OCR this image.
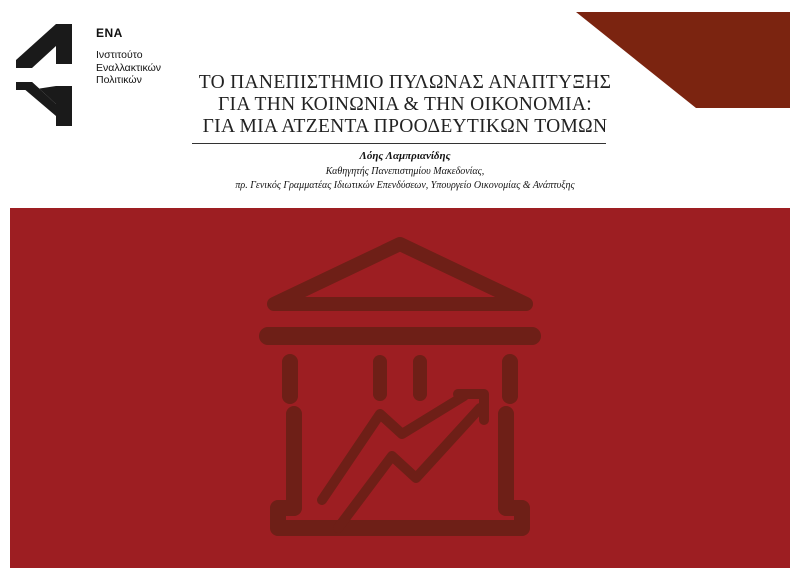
ΕΝΑ

Ινστιτούτο

Εναλλακτικών

Πολιτικών	ΤΟ ΠΑΝΕΠΙΣΤΗΜΙΟ ΠΥΛΩΝΑΣ ΑΝΑΠΤΥΞΗΣ

ΓΙΑ ΤΗΝ ΚΟΙΝΩΝΙΑ & ΤΗΝ ΟΙΚΟΝΟΜΙΑ:

ΓΙΑ ΜΙΑ ΑΤΖΕΝΤΑ ΠΡΟΟΔΕΥΤΙΚΩΝ ΤΟΜΩΝ

Λόης Λαμπριανίδης

Καθηγητής Πανεπιστημίου Μακεδονίας,

πρ. Γενικός Γραμματέας Ιδιωτικών Επενδύσεων, Υπουργείο Οικονομίας & Ανάπτυξης
